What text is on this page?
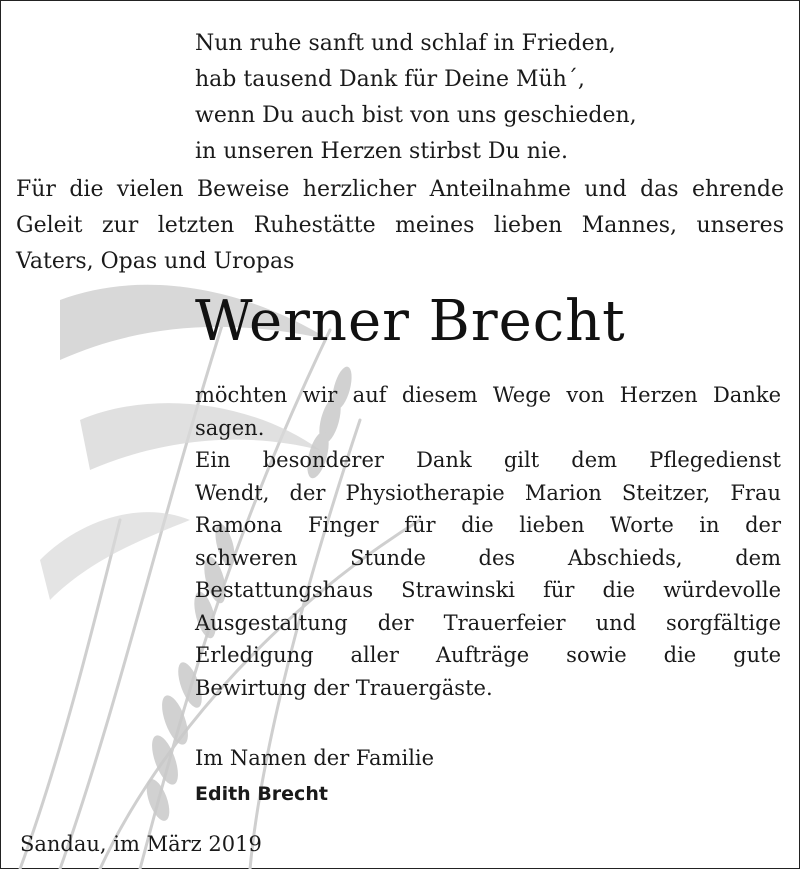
Nun ruhe sanft und schlaf in Frieden,
hab tausend Dank für Deine Müh´,
wenn Du auch bist von uns geschieden,
in unseren Herzen stirbst Du nie.
Für die vielen Beweise herzlicher Anteilnahme und das ehrende
Geleit zur letzten Ruhestätte meines lieben Mannes, unseres
Vaters, Opas und Uropas
Werner Brecht
möchten wir auf diesem Wege von Herzen Danke
sagen.
Ein besonderer Dank gilt dem Pflegedienst
Wendt, der Physiotherapie Marion Steitzer, Frau
Ramona Finger für die lieben Worte in der
schweren Stunde des Abschieds, dem
Bestattungshaus Strawinski für die würdevolle
Ausgestaltung der Trauerfeier und sorgfältige
Erledigung aller Aufträge sowie die gute
Bewirtung der Trauergäste.
Im Namen der Familie
Edith Brecht
Sandau, im März 2019
